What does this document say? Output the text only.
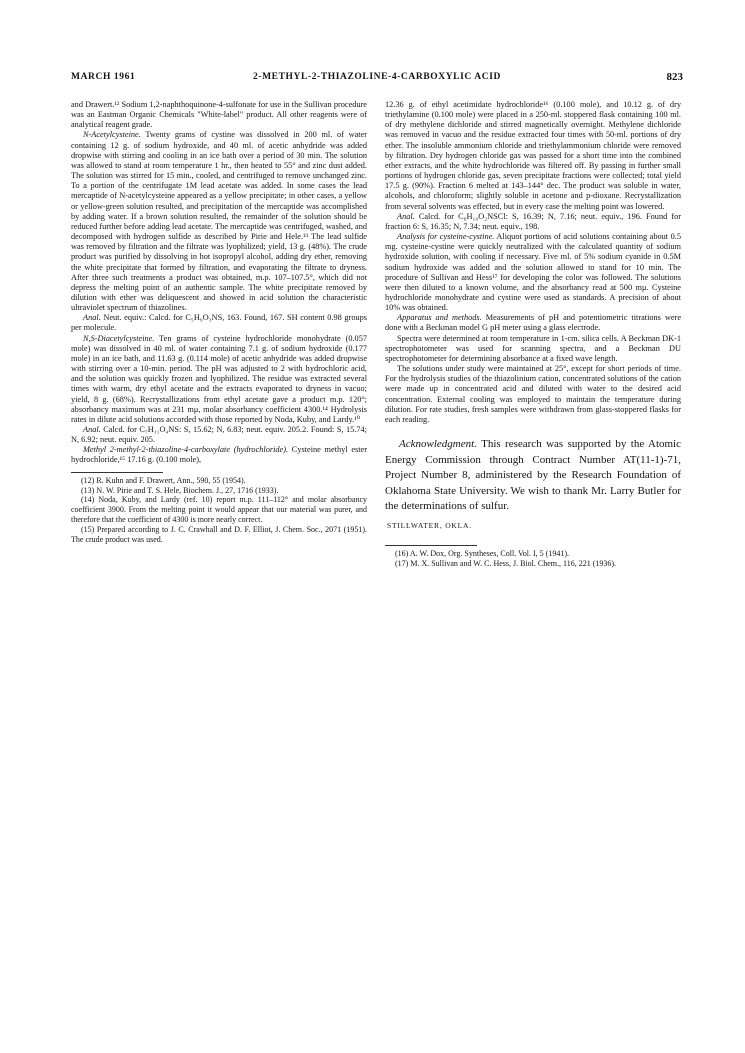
MARCH 1961	2-METHYL-2-THIAZOLINE-4-CARBOXYLIC ACID	823

and Drawert.¹² Sodium 1,2-naphthoquinone-4-sulfonate for use in the Sullivan procedure was an Eastman Organic Chemicals "White-label" product. All other reagents were of analytical reagent grade.

N-Acetylcysteine. Twenty grams of cystine was dissolved in 200 ml. of water containing 12 g. of sodium hydroxide, and 40 ml. of acetic anhydride was added dropwise with stirring and cooling in an ice bath over a period of 30 min. The solution was allowed to stand at room temperature 1 hr., then heated to 55° and zinc dust added. The solution was stirred for 15 min., cooled, and centrifuged to remove unchanged zinc. To a portion of the centrifugate 1M lead acetate was added. In some cases the lead mercaptide of N-acetylcysteine appeared as a yellow precipitate; in other cases, a yellow or yellow-green solution resulted, and precipitation of the mercaptide was accomplished by adding water. If a brown solution resulted, the remainder of the solution should be reduced further before adding lead acetate. The mercaptide was centrifuged, washed, and decomposed with hydrogen sulfide as described by Pirie and Hele.¹³ The lead sulfide was removed by filtration and the filtrate was lyophilized; yield, 13 g. (48%). The crude product was purified by dissolving in hot isopropyl alcohol, adding dry ether, removing the white precipitate that formed by filtration, and evaporating the filtrate to dryness. After three such treatments a product was obtained, m.p. 107–107.5°, which did not depress the melting point of an authentic sample. The white precipitate removed by dilution with ether was deliquescent and showed in acid solution the characteristic ultraviolet spectrum of thiazolines.

Anal. Neut. equiv.: Calcd. for C₅H₉O₃NS, 163. Found, 167. SH content 0.98 groups per molecule.

N,S-Diacetylcysteine. Ten grams of cysteine hydrochloride monohydrate (0.057 mole) was dissolved in 40 ml. of water containing 7.1 g. of sodium hydroxide (0.177 mole) in an ice bath, and 11.63 g. (0.114 mole) of acetic anhydride was added dropwise with stirring over a 10-min. period. The pH was adjusted to 2 with hydrochloric acid, and the solution was quickly frozen and lyophilized. The residue was extracted several times with warm, dry ethyl acetate and the extracts evaporated to dryness in vacuo; yield, 8 g. (68%). Recrystallizations from ethyl acetate gave a product m.p. 120°; absorbancy maximum was at 231 mμ, molar absorbancy coefficient 4300.¹⁴ Hydrolysis rates in dilute acid solutions accorded with those reported by Noda, Kuby, and Lardy.¹⁰

Anal. Calcd. for C₇H₁₁O₄NS: S, 15.62; N, 6.83; neut. equiv. 205.2. Found: S, 15.74; N, 6.92; neut. equiv. 205.

Methyl 2-methyl-2-thiazoline-4-carboxylate (hydrochloride). Cysteine methyl ester hydrochloride,¹⁵ 17.16 g. (0.100 mole),

(12) R. Kuhn and F. Drawert, Ann., 590, 55 (1954).

(13) N. W. Pirie and T. S. Hele, Biochem. J., 27, 1716 (1933).

(14) Noda, Kuby, and Lardy (ref. 10) report m.p. 111–112° and molar absorbancy coefficient 3900. From the melting point it would appear that our material was purer, and therefore that the coefficient of 4300 is more nearly correct.

(15) Prepared according to J. C. Crawhall and D. F. Elliot, J. Chem. Soc., 2071 (1951). The crude product was used.

12.36 g. of ethyl acetimidate hydrochloride¹⁶ (0.100 mole), and 10.12 g. of dry triethylamine (0.100 mole) were placed in a 250-ml. stoppered flask containing 100 ml. of dry methylene dichloride and stirred magnetically overnight. Methylene dichloride was removed in vacuo and the residue extracted four times with 50-ml. portions of dry ether. The insoluble ammonium chloride and triethylammonium chloride were removed by filtration. Dry hydrogen chloride gas was passed for a short time into the combined ether extracts, and the white hydrochloride was filtered off. By passing in further small portions of hydrogen chloride gas, seven precipitate fractions were collected; total yield 17.5 g. (90%). Fraction 6 melted at 143–144° dec. The product was soluble in water, alcohols, and chloroform; slightly soluble in acetone and p-dioxane. Recrystallization from several solvents was effected, but in every case the melting point was lowered.

Anal. Calcd. for C₆H₁₀O₂NSCl: S, 16.39; N, 7.16; neut. equiv., 196. Found for fraction 6: S, 16.35; N, 7.34; neut. equiv., 198.

Analysis for cysteine-cystine. Aliquot portions of acid solutions containing about 0.5 mg. cysteine-cystine were quickly neutralized with the calculated quantity of sodium hydroxide solution, with cooling if necessary. Five ml. of 5% sodium cyanide in 0.5M sodium hydroxide was added and the solution allowed to stand for 10 min. The procedure of Sullivan and Hess¹⁷ for developing the color was followed. The solutions were then diluted to a known volume, and the absorbancy read at 500 mμ. Cysteine hydrochloride monohydrate and cystine were used as standards. A precision of about 10% was obtained.

Apparatus and methods. Measurements of pH and potentiometric titrations were done with a Beckman model G pH meter using a glass electrode.

Spectra were determined at room temperature in 1-cm. silica cells. A Beckman DK-1 spectrophotometer was used for scanning spectra, and a Beckman DU spectrophotometer for determining absorbance at a fixed wave length.

The solutions under study were maintained at 25°, except for short periods of time. For the hydrolysis studies of the thiazolinium cation, concentrated solutions of the cation were made up in concentrated acid and diluted with water to the desired acid concentration. External cooling was employed to maintain the temperature during dilution. For rate studies, fresh samples were withdrawn from glass-stoppered flasks for each reading.

Acknowledgment. This research was supported by the Atomic Energy Commission through Contract Number AT(11-1)-71, Project Number 8, administered by the Research Foundation of Oklahoma State University. We wish to thank Mr. Larry Butler for the determinations of sulfur.

STILLWATER, OKLA.

(16) A. W. Dox, Org. Syntheses, Coll. Vol. I, 5 (1941).

(17) M. X. Sullivan and W. C. Hess, J. Biol. Chem., 116, 221 (1936).
